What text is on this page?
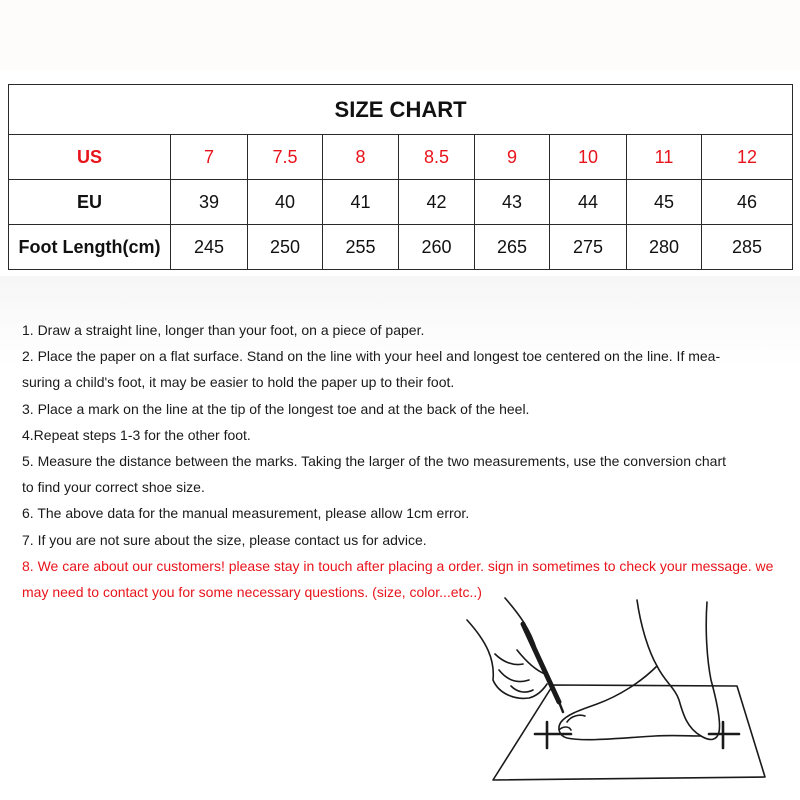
SIZE CHART								
US	7	7.5	8	8.5	9	10	11	12
EU	39	40	41	42	43	44	45	46
Foot Length(cm)	245	250	255	260	265	275	280	285

1. Draw a straight line, longer than your foot, on a piece of paper.

2. Place the paper on a flat surface. Stand on the line with your heel and longest toe centered on the line. If mea-

suring a child's foot, it may be easier to hold the paper up to their foot.

3. Place a mark on the line at the tip of the longest toe and at the back of the heel.

4.Repeat steps 1-3 for the other foot.

5. Measure the distance between the marks. Taking the larger of the two measurements, use the conversion chart

to find your correct shoe size.

6. The above data for the manual measurement, please allow 1cm error.

7. If you are not sure about the size, please contact us for advice.

8. We care about our customers! please stay in touch after placing a order. sign in sometimes to check your message. we

may need to contact you for some necessary questions. (size, color...etc..)
